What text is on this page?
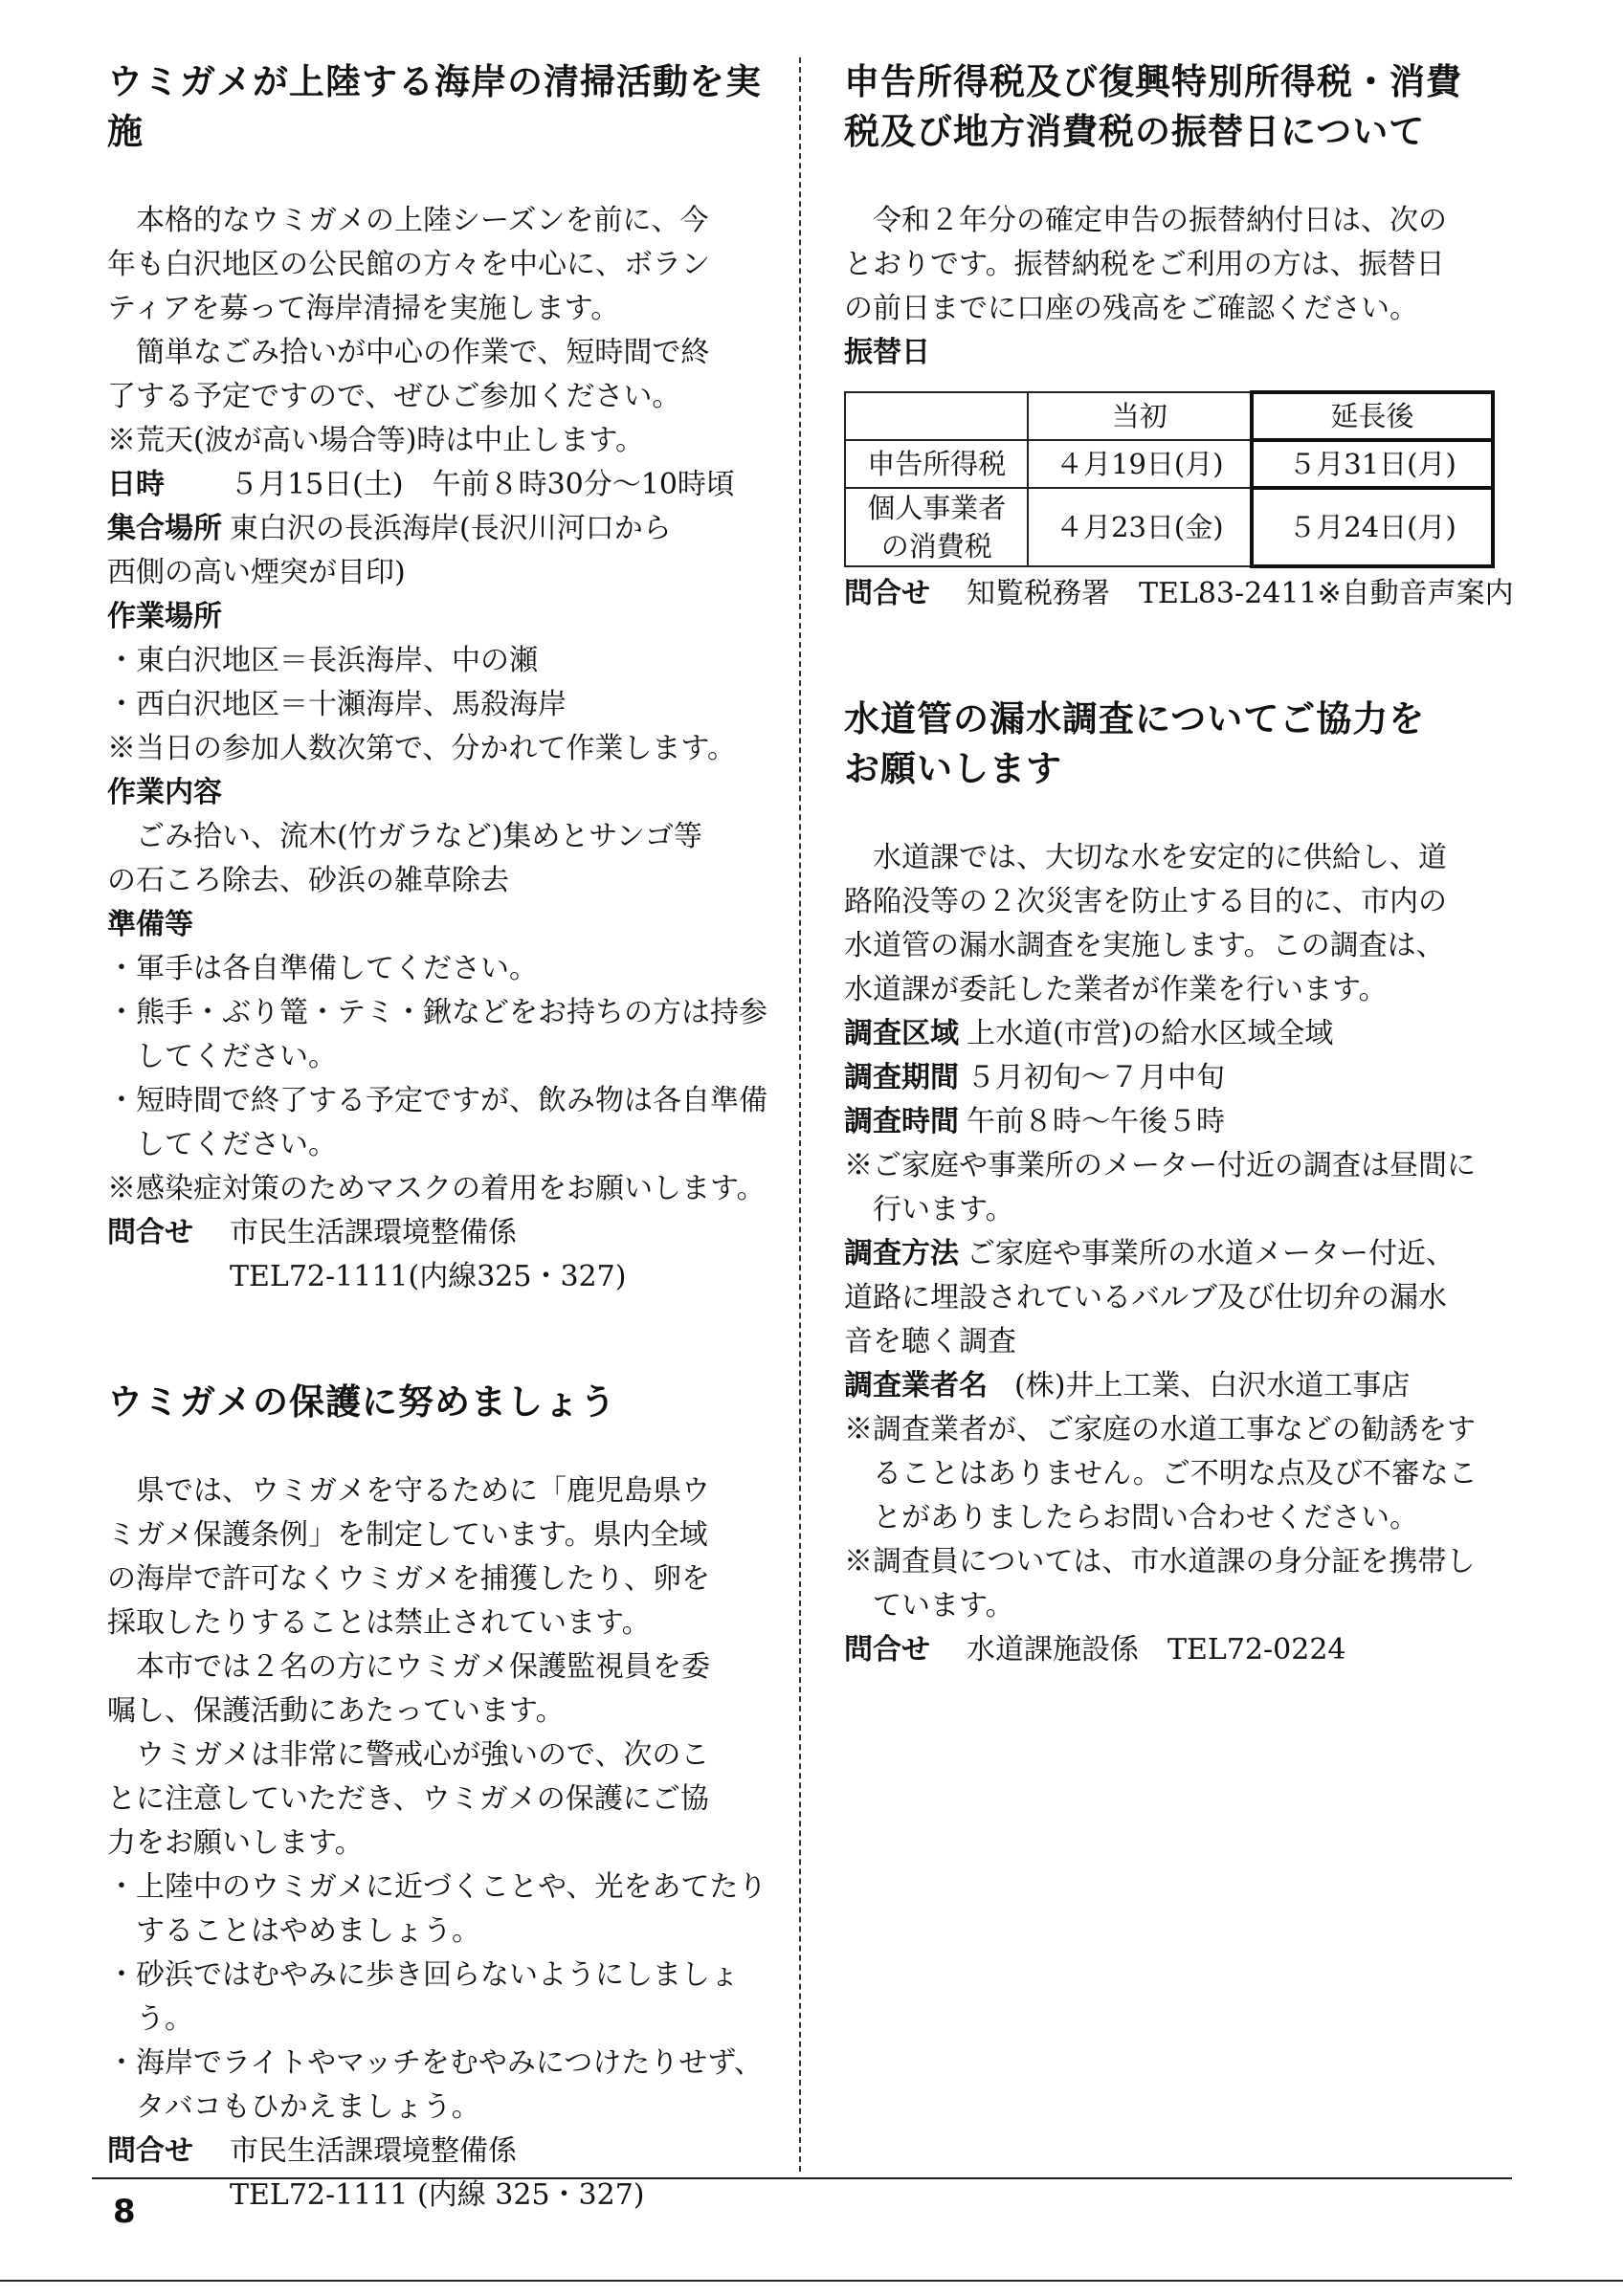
ウミガメが上陸する海岸の清掃活動を実施
本格的なウミガメの上陸シーズンを前に、今
年も白沢地区の公民館の方々を中心に、ボラン
ティアを募って海岸清掃を実施します。
簡単なごみ拾いが中心の作業で、短時間で終
了する予定ですので、ぜひご参加ください。
※荒天(波が高い場合等)時は中止します。
日時 ５月15日(土)　午前８時30分〜10時頃
集合場所 東白沢の長浜海岸(長沢川河口から
西側の高い煙突が目印)
作業場所
・東白沢地区＝長浜海岸、中の瀬
・西白沢地区＝十瀬海岸、馬殺海岸
※当日の参加人数次第で、分かれて作業します。
作業内容
ごみ拾い、流木(竹ガラなど)集めとサンゴ等
の石ころ除去、砂浜の雑草除去
準備等
・軍手は各自準備してください。
・熊手・ぶり篭・テミ・鍬などをお持ちの方は持参してください。
・短時間で終了する予定ですが、飲み物は各自準備してください。
※感染症対策のためマスクの着用をお願いします。
問合せ 市民生活課環境整備係
TEL72-1111(内線325・327)
ウミガメの保護に努めましょう
県では、ウミガメを守るために「鹿児島県ウ
ミガメ保護条例」を制定しています。県内全域
の海岸で許可なくウミガメを捕獲したり、卵を
採取したりすることは禁止されています。
本市では２名の方にウミガメ保護監視員を委
嘱し、保護活動にあたっています。
ウミガメは非常に警戒心が強いので、次のこ
とに注意していただき、ウミガメの保護にご協
力をお願いします。
・上陸中のウミガメに近づくことや、光をあてたりすることはやめましょう。
・砂浜ではむやみに歩き回らないようにしましょう。
・海岸でライトやマッチをむやみにつけたりせず、タバコもひかえましょう。
問合せ 市民生活課環境整備係
TEL72-1111 (内線 325・327)
申告所得税及び復興特別所得税・消費
税及び地方消費税の振替日について
令和２年分の確定申告の振替納付日は、次の
とおりです。振替納税をご利用の方は、振替日
の前日までに口座の残高をご確認ください。
振替日
	当初	延長後
申告所得税	４月19日(月)	５月31日(月)
個人事業者
の消費税	４月23日(金)	５月24日(月)
問合せ 知覧税務署　TEL83-2411※自動音声案内
水道管の漏水調査についてご協力を
お願いします
水道課では、大切な水を安定的に供給し、道
路陥没等の２次災害を防止する目的に、市内の
水道管の漏水調査を実施します。この調査は、
水道課が委託した業者が作業を行います。
調査区域 上水道(市営)の給水区域全域
調査期間 ５月初旬〜７月中旬
調査時間 午前８時〜午後５時
※ご家庭や事業所のメーター付近の調査は昼間に行います。
調査方法 ご家庭や事業所の水道メーター付近、
道路に埋設されているバルブ及び仕切弁の漏水
音を聴く調査
調査業者名 (株)井上工業、白沢水道工事店
※調査業者が、ご家庭の水道工事などの勧誘をすることはありません。ご不明な点及び不審なことがありましたらお問い合わせください。
※調査員については、市水道課の身分証を携帯しています。
問合せ 水道課施設係　TEL72-0224
8
